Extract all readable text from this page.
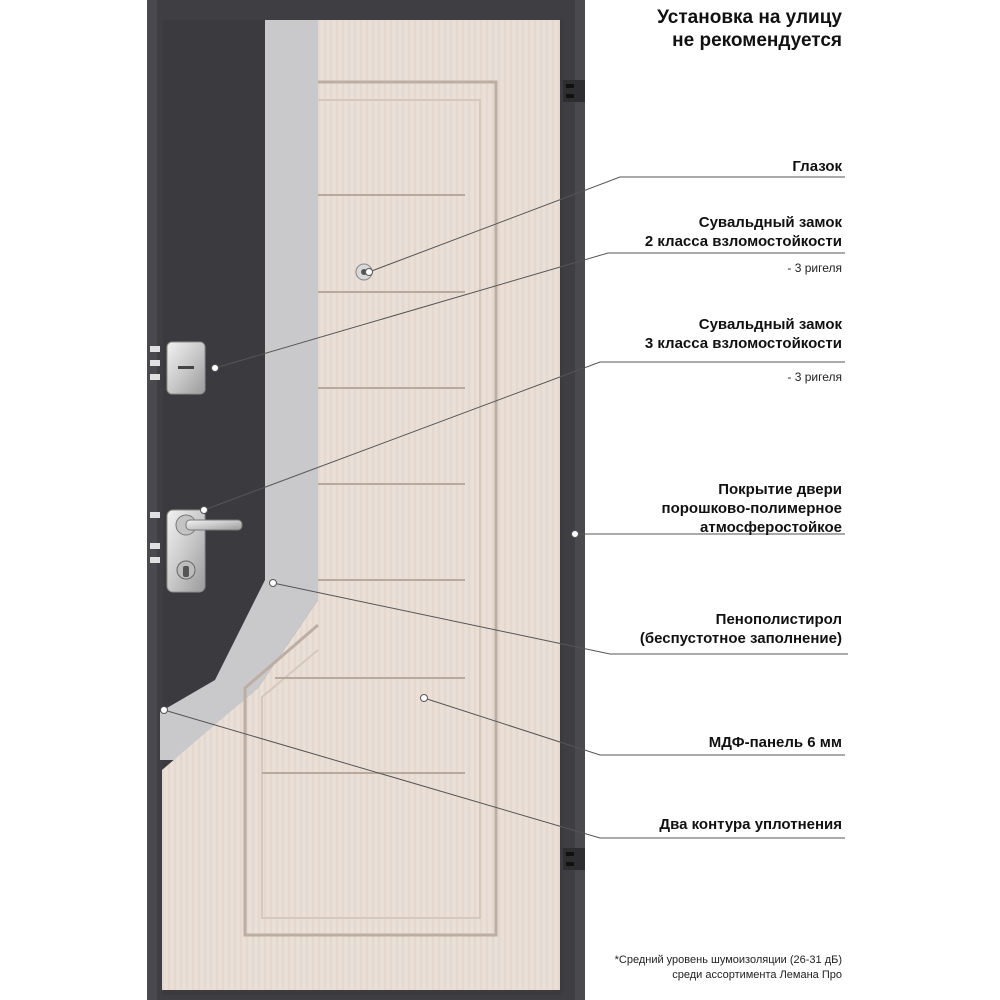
Установка на улицу
не рекомендуется
Глазок
Сувальдный замок
2 класса взломостойкости
- 3 ригеля
Сувальдный замок
3 класса взломостойкости
- 3 ригеля
Покрытие двери
порошково-полимерное
атмосферостойкое
Пенополистирол
(беспустотное заполнение)
МДФ-панель 6 мм
Два контура уплотнения
*Средний уровень шумоизоляции (26-31 дБ)
среди ассортимента Лемана Про
